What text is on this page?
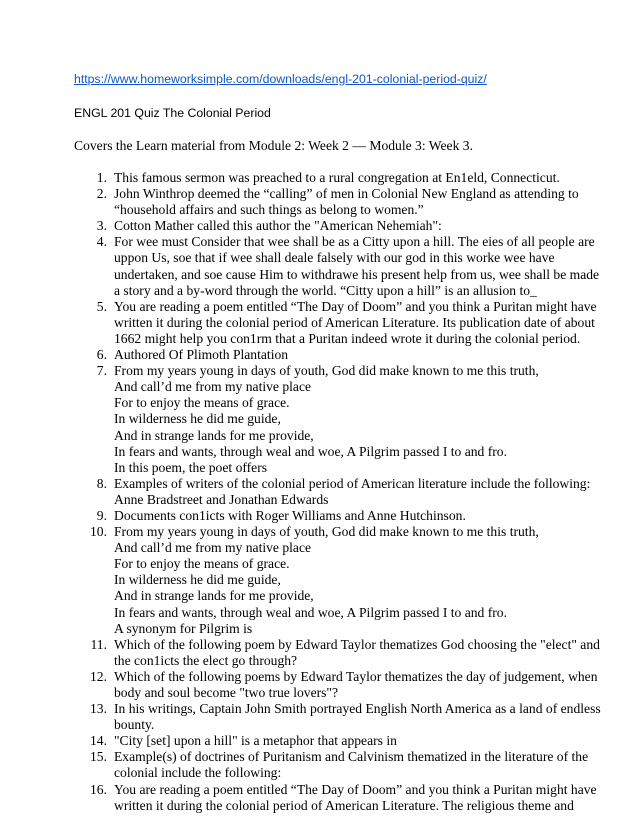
https://www.homeworksimple.com/downloads/engl-201-colonial-period-quiz/
ENGL 201 Quiz The Colonial Period
Covers the Learn material from Module 2: Week 2 — Module 3: Week 3.
1. This famous sermon was preached to a rural congregation at En1eld, Connecticut.
2. John Winthrop deemed the “calling” of men in Colonial New England as attending to
“household affairs and such things as belong to women.”
3. Cotton Mather called this author the "American Nehemiah":
4. For wee must Consider that wee shall be as a Citty upon a hill. The eies of all people are
uppon Us, soe that if wee shall deale falsely with our god in this worke wee have
undertaken, and soe cause Him to withdrawe his present help from us, wee shall be made
a story and a by-word through the world. “Citty upon a hill” is an allusion to_
5. You are reading a poem entitled “The Day of Doom” and you think a Puritan might have
written it during the colonial period of American Literature. Its publication date of about
1662 might help you con1rm that a Puritan indeed wrote it during the colonial period.
6. Authored Of Plimoth Plantation
7. From my years young in days of youth, God did make known to me this truth,
And call’d me from my native place
For to enjoy the means of grace.
In wilderness he did me guide,
And in strange lands for me provide,
In fears and wants, through weal and woe, A Pilgrim passed I to and fro.
In this poem, the poet offers
8. Examples of writers of the colonial period of American literature include the following:
Anne Bradstreet and Jonathan Edwards
9. Documents con1icts with Roger Williams and Anne Hutchinson.
10. From my years young in days of youth, God did make known to me this truth,
And call’d me from my native place
For to enjoy the means of grace.
In wilderness he did me guide,
And in strange lands for me provide,
In fears and wants, through weal and woe, A Pilgrim passed I to and fro.
A synonym for Pilgrim is
11. Which of the following poem by Edward Taylor thematizes God choosing the "elect" and
the con1icts the elect go through?
12. Which of the following poems by Edward Taylor thematizes the day of judgement, when
body and soul become "two true lovers"?
13. In his writings, Captain John Smith portrayed English North America as a land of endless
bounty.
14. "City [set] upon a hill" is a metaphor that appears in
15. Example(s) of doctrines of Puritanism and Calvinism thematized in the literature of the
colonial include the following:
16. You are reading a poem entitled “The Day of Doom” and you think a Puritan might have
written it during the colonial period of American Literature. The religious theme and
